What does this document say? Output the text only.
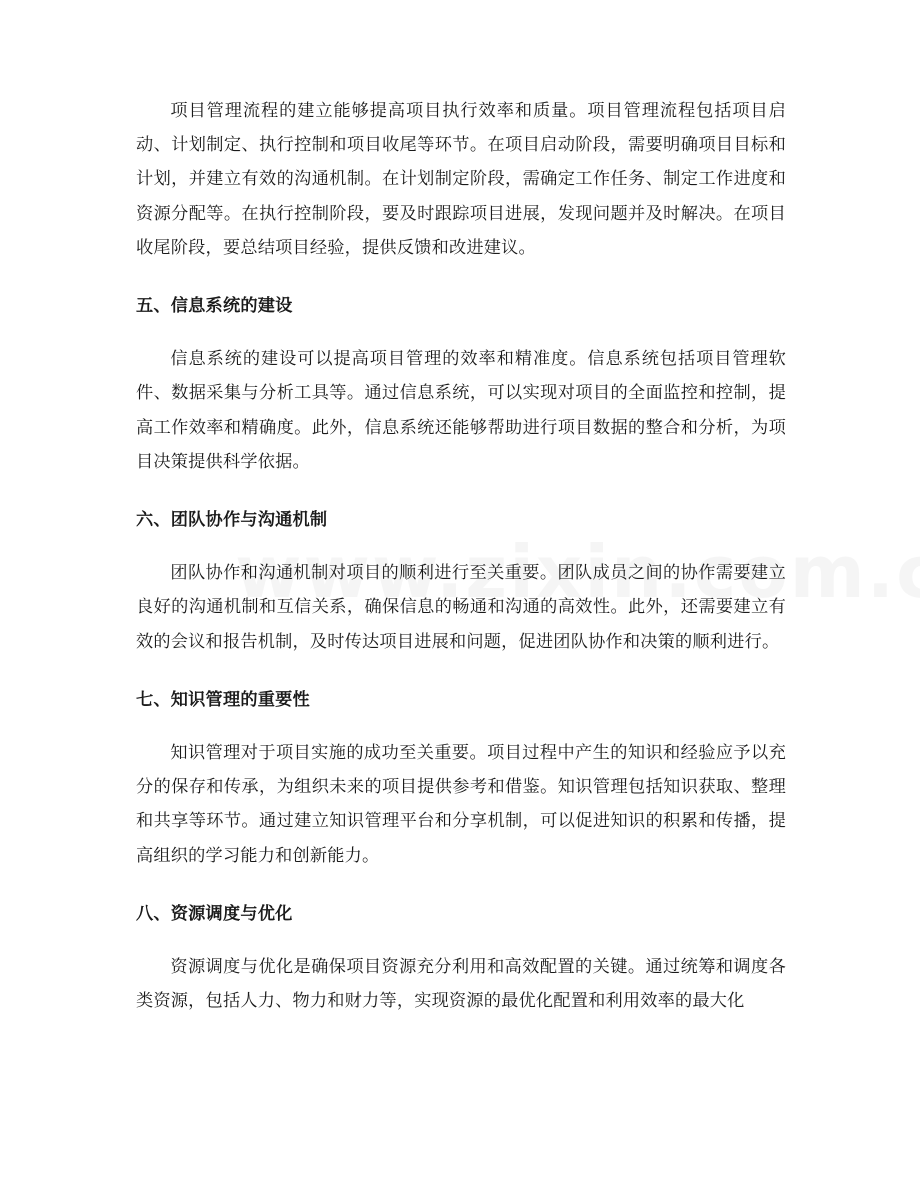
项目管理流程的建立能够提高项目执行效率和质量。项目管理流程包括项目启动、计划制定、执行控制和项目收尾等环节。在项目启动阶段，需要明确项目目标和计划，并建立有效的沟通机制。在计划制定阶段，需确定工作任务、制定工作进度和资源分配等。在执行控制阶段，要及时跟踪项目进展，发现问题并及时解决。在项目收尾阶段，要总结项目经验，提供反馈和改进建议。

五、信息系统的建设

信息系统的建设可以提高项目管理的效率和精准度。信息系统包括项目管理软件、数据采集与分析工具等。通过信息系统，可以实现对项目的全面监控和控制，提高工作效率和精确度。此外，信息系统还能够帮助进行项目数据的整合和分析，为项目决策提供科学依据。

六、团队协作与沟通机制

团队协作和沟通机制对项目的顺利进行至关重要。团队成员之间的协作需要建立良好的沟通机制和互信关系，确保信息的畅通和沟通的高效性。此外，还需要建立有效的会议和报告机制，及时传达项目进展和问题，促进团队协作和决策的顺利进行。

七、知识管理的重要性

知识管理对于项目实施的成功至关重要。项目过程中产生的知识和经验应予以充分的保存和传承，为组织未来的项目提供参考和借鉴。知识管理包括知识获取、整理和共享等环节。通过建立知识管理平台和分享机制，可以促进知识的积累和传播，提高组织的学习能力和创新能力。

八、资源调度与优化

资源调度与优化是确保项目资源充分利用和高效配置的关键。通过统筹和调度各类资源，包括人力、物力和财力等，实现资源的最优化配置和利用效率的最大化
